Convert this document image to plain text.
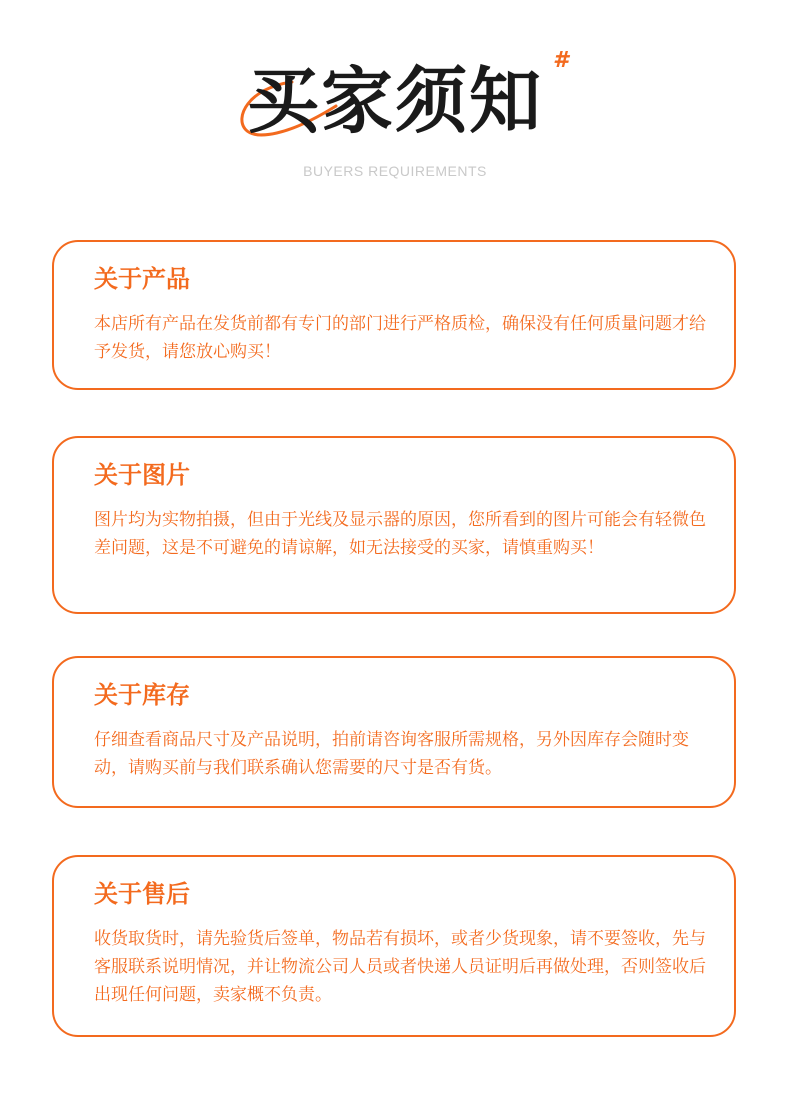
买家须知 #
BUYERS REQUIREMENTS
关于产品

本店所有产品在发货前都有专门的部门进行严格质检，确保没有任何质量问题才给予发货，请您放心购买！

关于图片

图片均为实物拍摄，但由于光线及显示器的原因，您所看到的图片可能会有轻微色差问题，这是不可避免的请谅解，如无法接受的买家，请慎重购买！

关于库存

仔细查看商品尺寸及产品说明，拍前请咨询客服所需规格，另外因库存会随时变动，请购买前与我们联系确认您需要的尺寸是否有货。

关于售后

收货取货时，请先验货后签单，物品若有损坏，或者少货现象，请不要签收，先与客服联系说明情况，并让物流公司人员或者快递人员证明后再做处理，否则签收后出现任何问题，卖家概不负责。
